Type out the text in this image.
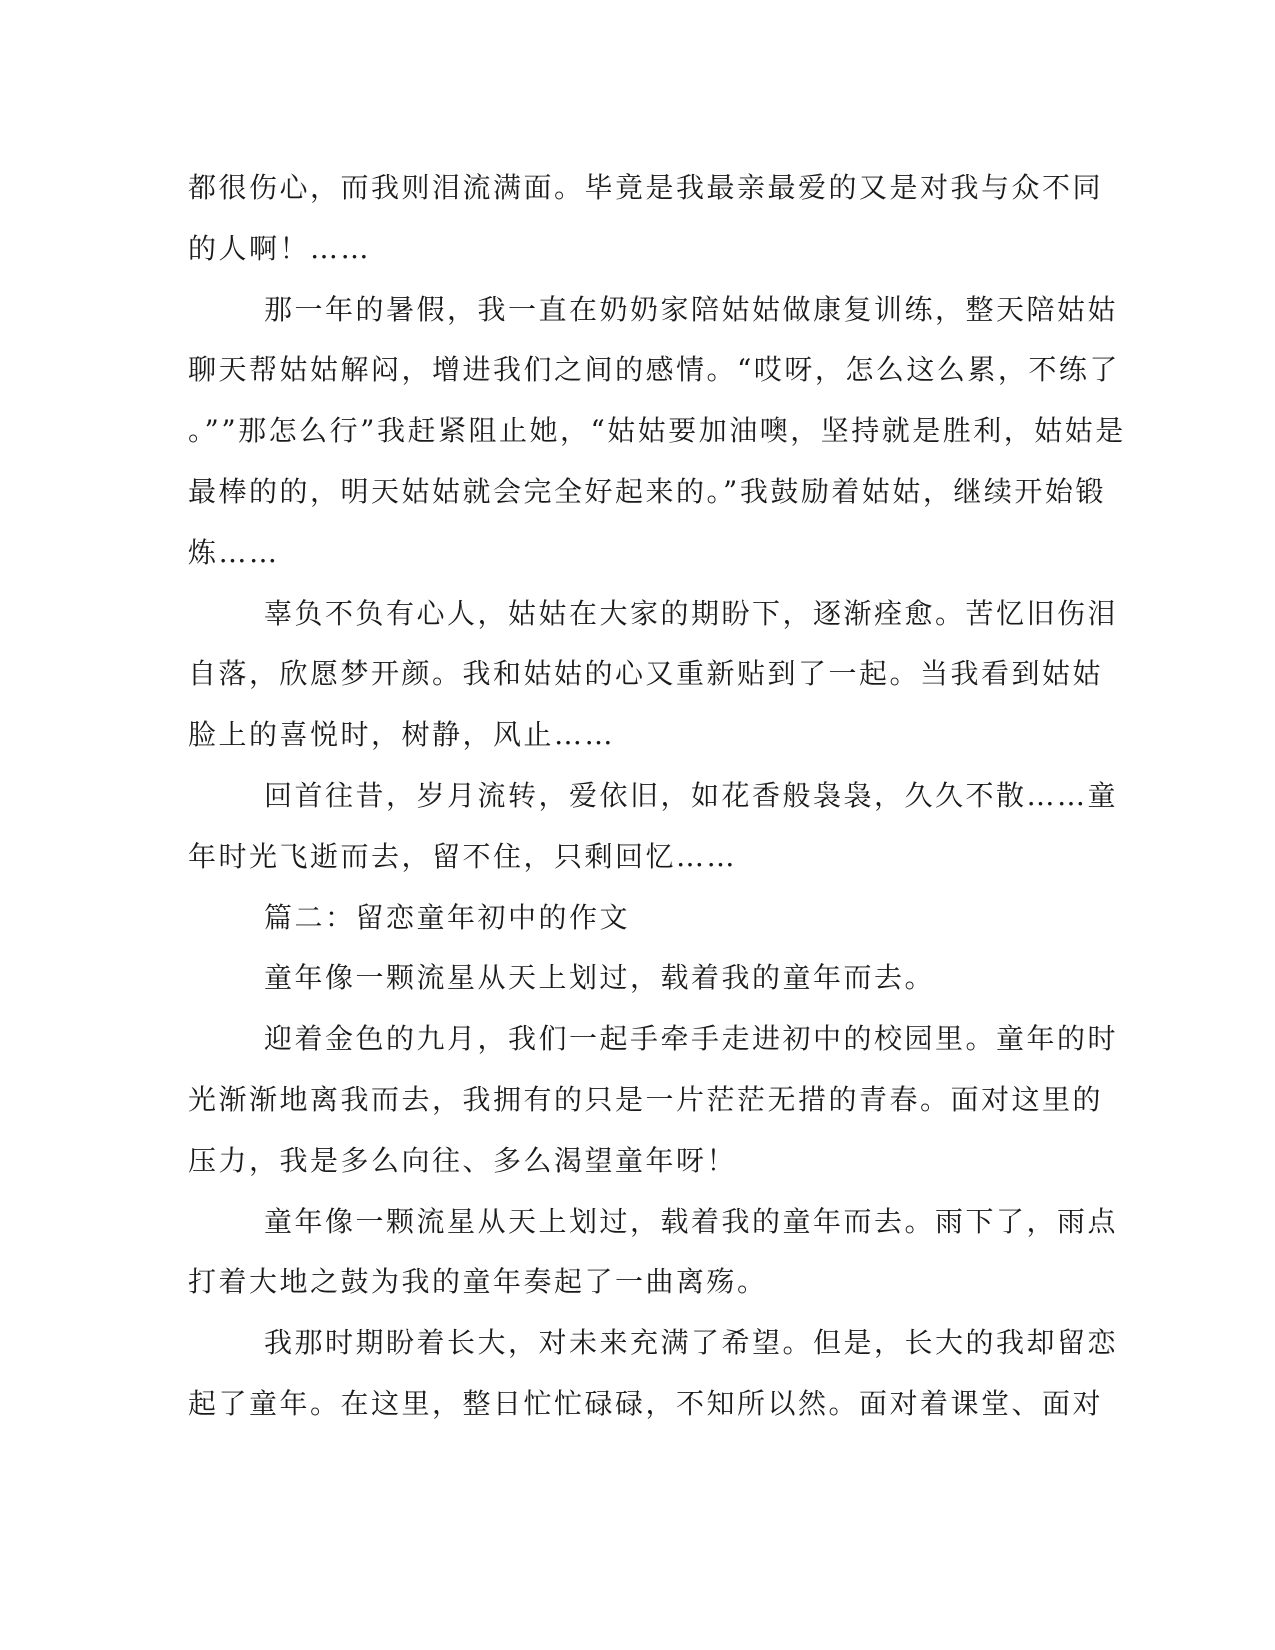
都很伤心，而我则泪流满面。毕竟是我最亲最爱的又是对我与众不同
的人啊！……
那一年的暑假，我一直在奶奶家陪姑姑做康复训练，整天陪姑姑
聊天帮姑姑解闷，增进我们之间的感情。“哎呀，怎么这么累，不练了
。””那怎么行”我赶紧阻止她，“姑姑要加油噢，坚持就是胜利，姑姑是
最棒的的，明天姑姑就会完全好起来的。”我鼓励着姑姑，继续开始锻
炼……
辜负不负有心人，姑姑在大家的期盼下，逐渐痊愈。苦忆旧伤泪
自落，欣愿梦开颜。我和姑姑的心又重新贴到了一起。当我看到姑姑
脸上的喜悦时，树静，风止……
回首往昔，岁月流转，爱依旧，如花香般袅袅，久久不散……童
年时光飞逝而去，留不住，只剩回忆……
篇二：留恋童年初中的作文
童年像一颗流星从天上划过，载着我的童年而去。
迎着金色的九月，我们一起手牵手走进初中的校园里。童年的时
光渐渐地离我而去，我拥有的只是一片茫茫无措的青春。面对这里的
压力，我是多么向往、多么渴望童年呀！
童年像一颗流星从天上划过，载着我的童年而去。雨下了，雨点
打着大地之鼓为我的童年奏起了一曲离殇。
我那时期盼着长大，对未来充满了希望。但是，长大的我却留恋
起了童年。在这里，整日忙忙碌碌，不知所以然。面对着课堂、面对
